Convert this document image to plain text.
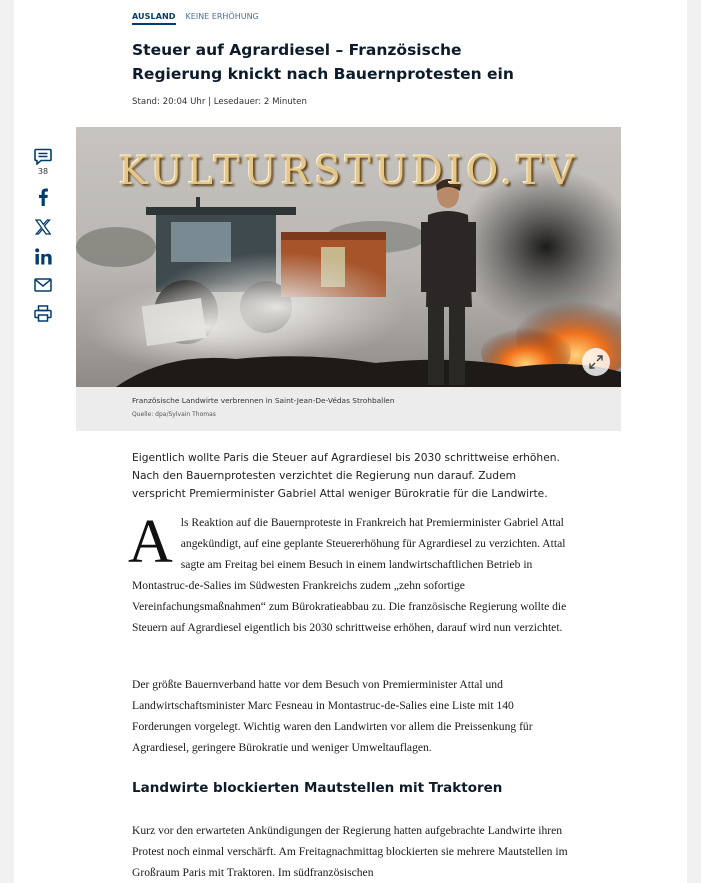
AUSLAND KEINE ERHÖHUNG
Steuer auf Agrardiesel – Französische Regierung knickt nach Bauernprotesten ein
Stand: 20:04 Uhr | Lesedauer: 2 Minuten
38	KULTURSTUDIO.TV
Französische Landwirte verbrennen in Saint-Jean-De-Védas Strohballen
Quelle: dpa/Sylvain Thomas

Eigentlich wollte Paris die Steuer auf Agrardiesel bis 2030 schrittweise erhöhen. Nach den Bauernprotesten verzichtet die Regierung nun darauf. Zudem verspricht Premierminister Gabriel Attal weniger Bürokratie für die Landwirte.

Als Reaktion auf die Bauernproteste in Frankreich hat Premierminister Gabriel Attal angekündigt, auf eine geplante Steuererhöhung für Agrardiesel zu verzichten. Attal sagte am Freitag bei einem Besuch in einem landwirtschaftlichen Betrieb in Montastruc-de-Salies im Südwesten Frankreichs zudem „zehn sofortige Vereinfachungsmaßnahmen“ zum Bürokratieabbau zu. Die französische Regierung wollte die Steuern auf Agrardiesel eigentlich bis 2030 schrittweise erhöhen, darauf wird nun verzichtet.

Der größte Bauernverband hatte vor dem Besuch von Premierminister Attal und Landwirtschaftsminister Marc Fesneau in Montastruc-de-Salies eine Liste mit 140 Forderungen vorgelegt. Wichtig waren den Landwirten vor allem die Preissenkung für Agrardiesel, geringere Bürokratie und weniger Umweltauflagen.

Landwirte blockierten Mautstellen mit Traktoren

Kurz vor den erwarteten Ankündigungen der Regierung hatten aufgebrachte Landwirte ihren Protest noch einmal verschärft. Am Freitagnachmittag blockierten sie mehrere Mautstellen im Großraum Paris mit Traktoren. Im südfranzösischen
